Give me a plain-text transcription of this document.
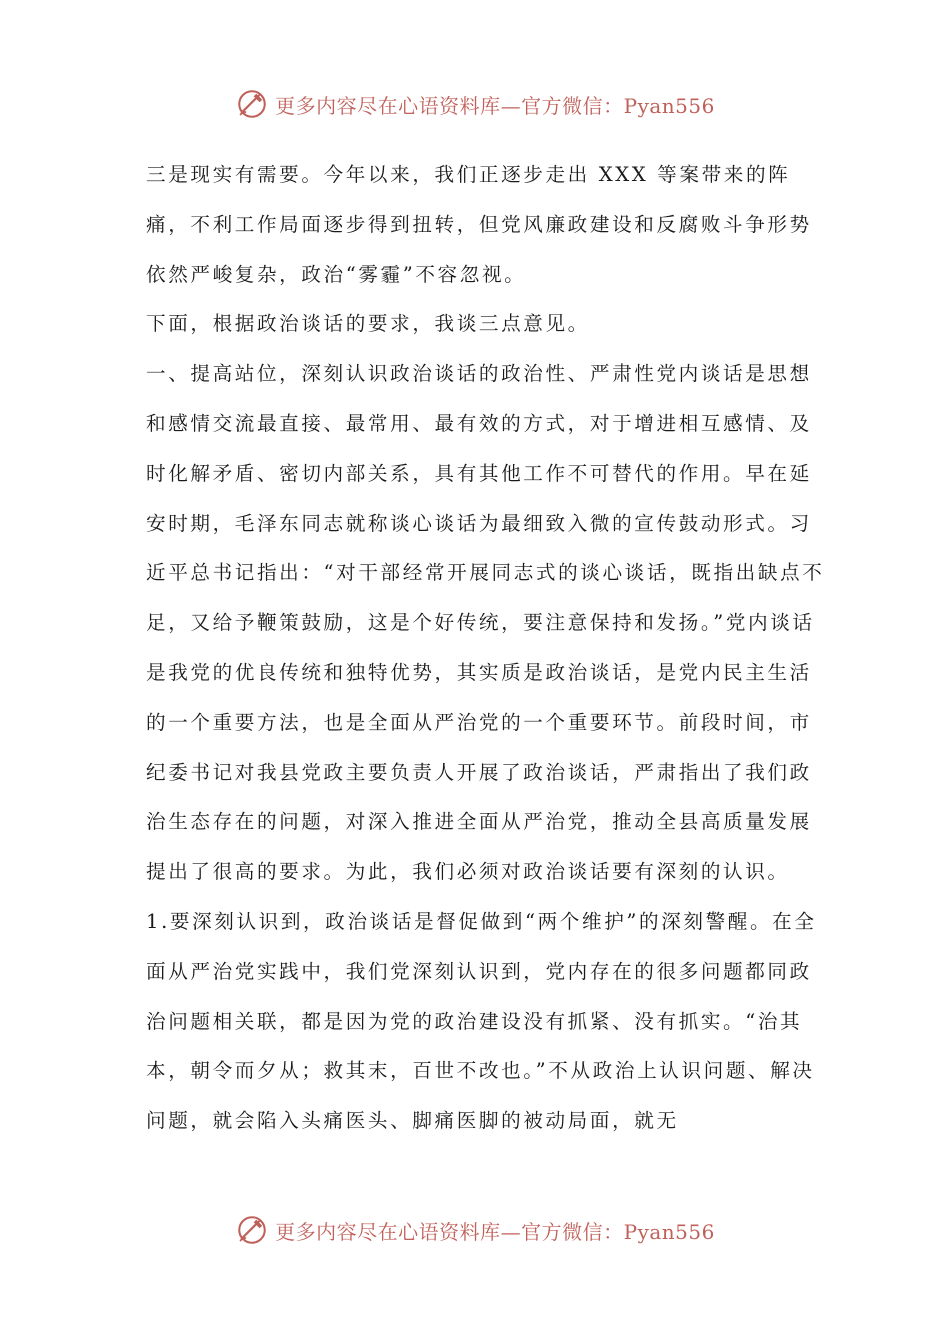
更多内容尽在心语资料库—官方微信：Pyan556

三是现实有需要。今年以来，我们正逐步走出 XXX 等案带来的阵痛，不利工作局面逐步得到扭转，但党风廉政建设和反腐败斗争形势依然严峻复杂，政治“雾霾”不容忽视。

下面，根据政治谈话的要求，我谈三点意见。

一、提高站位，深刻认识政治谈话的政治性、严肃性党内谈话是思想和感情交流最直接、最常用、最有效的方式，对于增进相互感情、及时化解矛盾、密切内部关系，具有其他工作不可替代的作用。早在延安时期，毛泽东同志就称谈心谈话为最细致入微的宣传鼓动形式。习近平总书记指出：“对干部经常开展同志式的谈心谈话，既指出缺点不足，又给予鞭策鼓励，这是个好传统，要注意保持和发扬。”党内谈话是我党的优良传统和独特优势，其实质是政治谈话，是党内民主生活的一个重要方法，也是全面从严治党的一个重要环节。前段时间，市纪委书记对我县党政主要负责人开展了政治谈话，严肃指出了我们政治生态存在的问题，对深入推进全面从严治党，推动全县高质量发展提出了很高的要求。为此，我们必须对政治谈话要有深刻的认识。

1.要深刻认识到，政治谈话是督促做到“两个维护”的深刻警醒。在全面从严治党实践中，我们党深刻认识到，党内存在的很多问题都同政治问题相关联，都是因为党的政治建设没有抓紧、没有抓实。“治其本，朝令而夕从；救其末，百世不改也。”不从政治上认识问题、解决问题，就会陷入头痛医头、脚痛医脚的被动局面，就无

更多内容尽在心语资料库—官方微信：Pyan556
